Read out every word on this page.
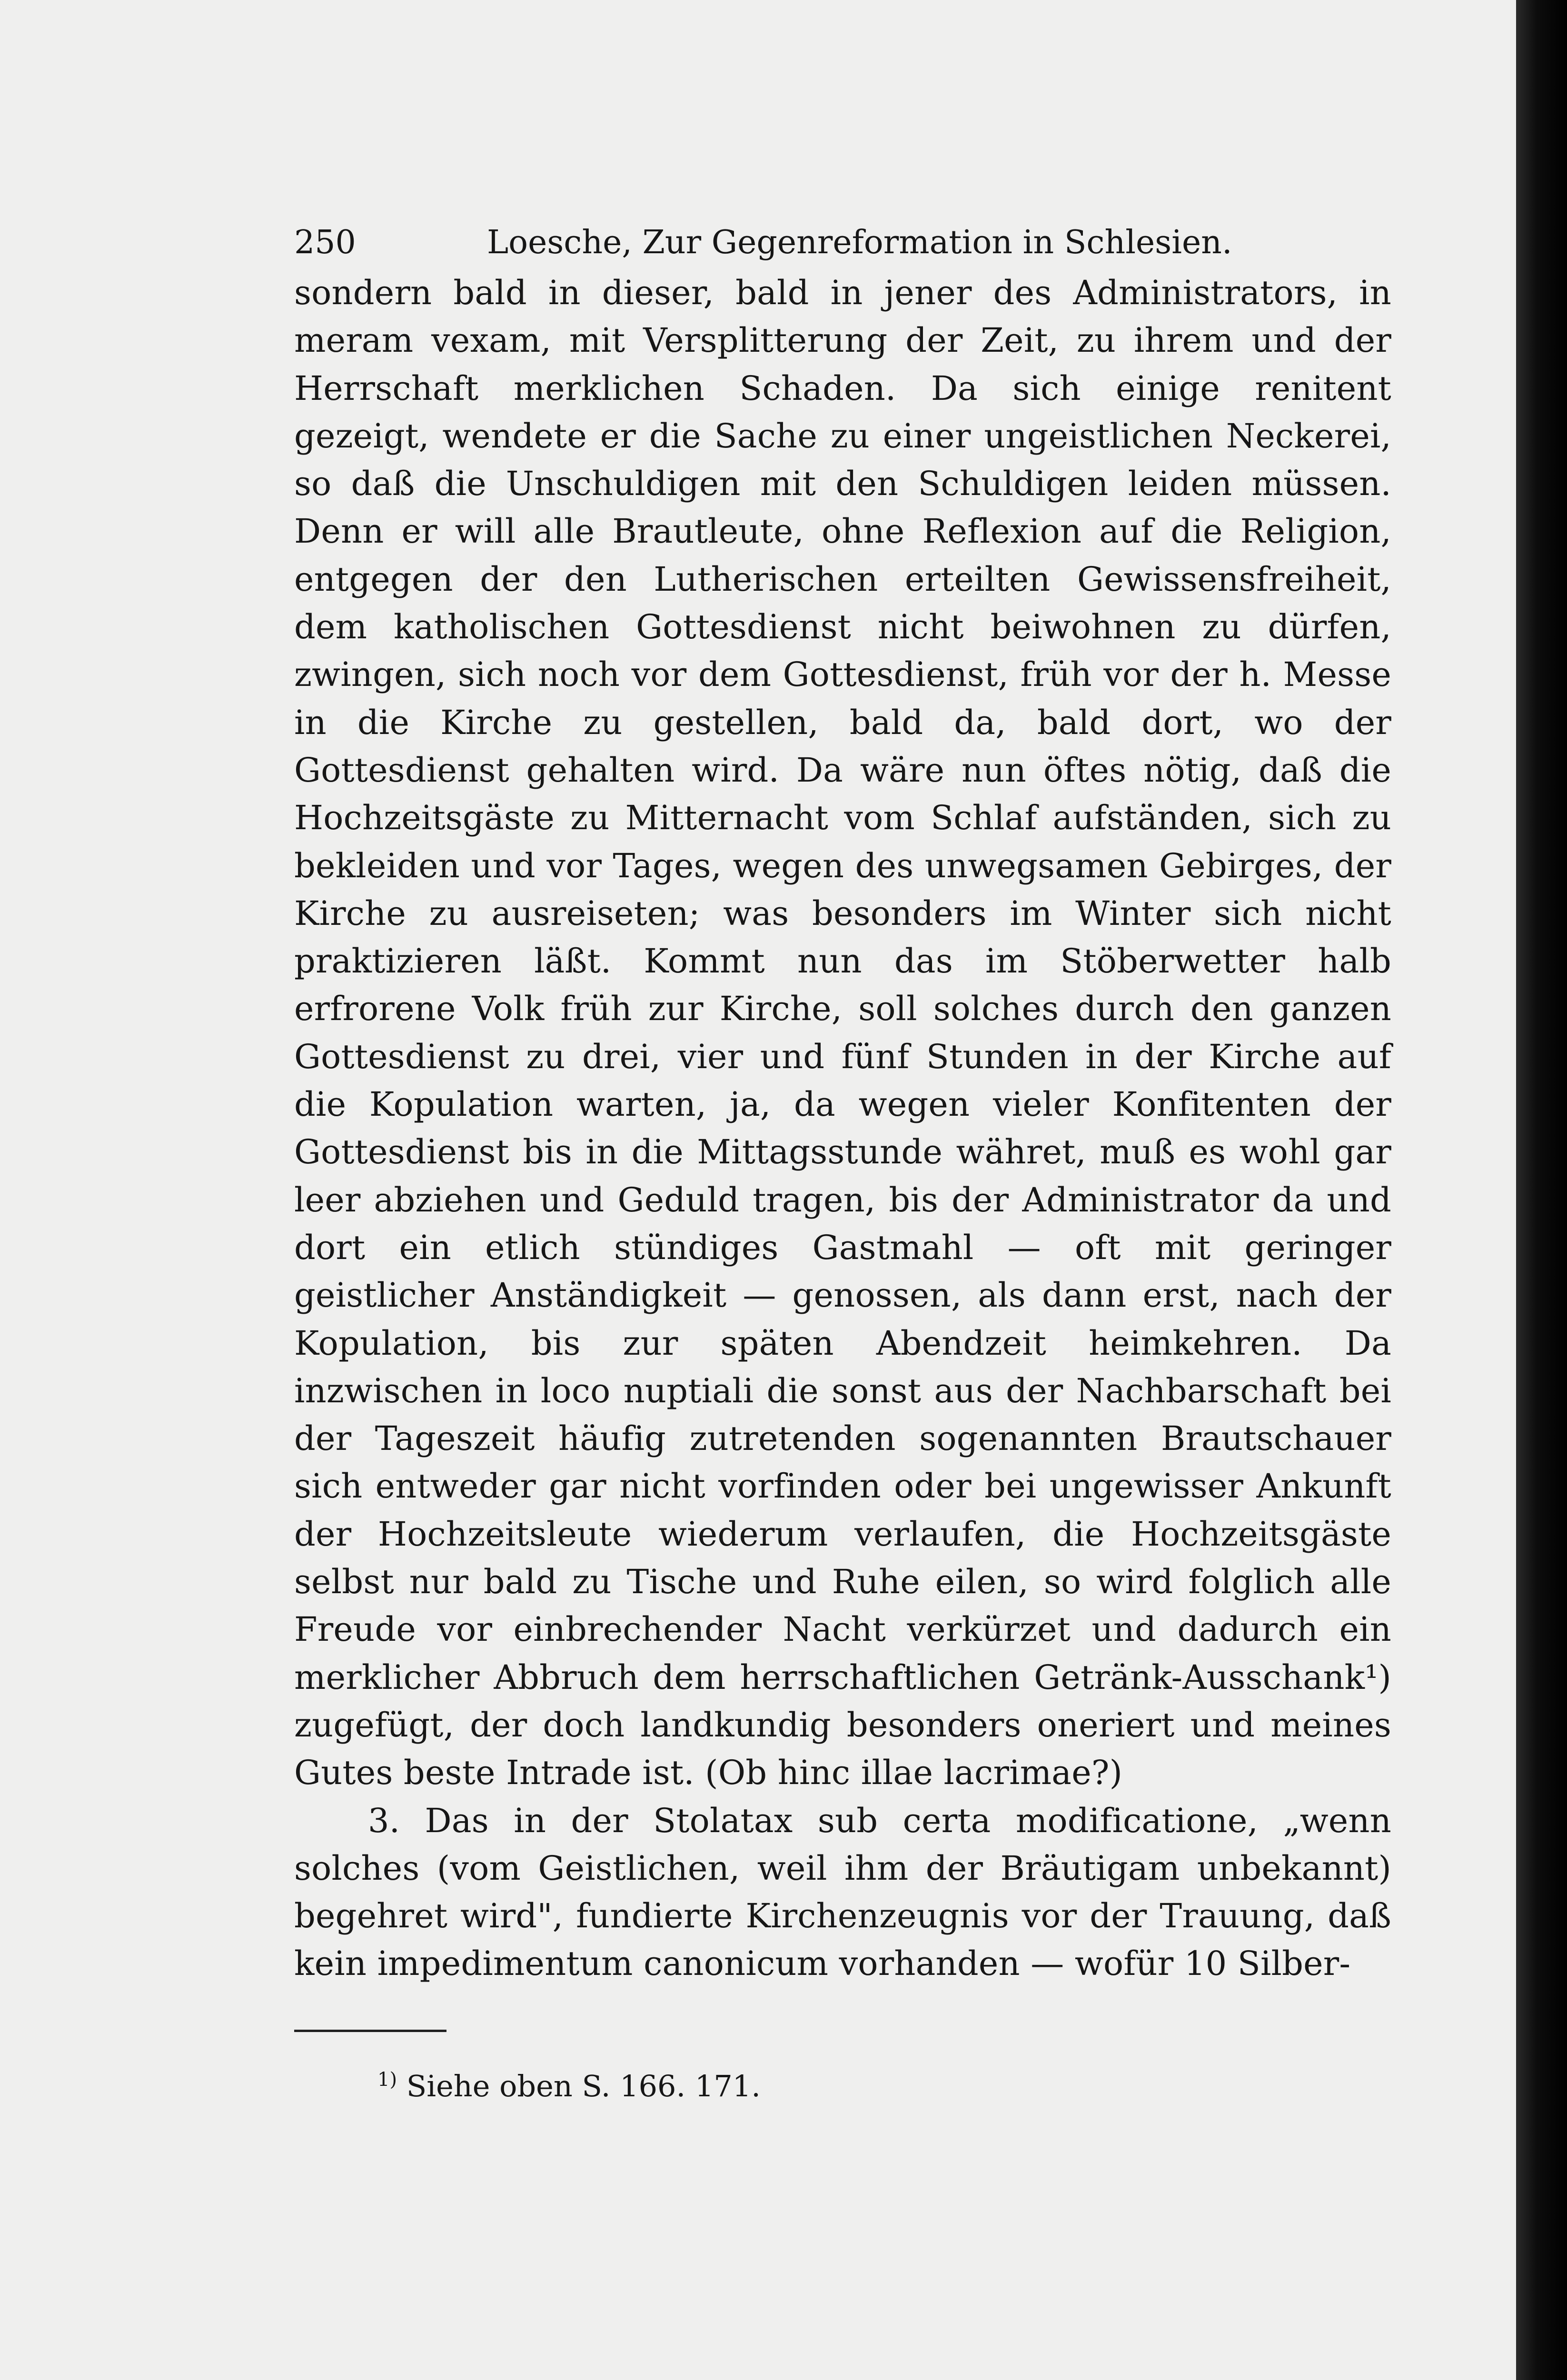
250	Loesche, Zur Gegenreformation in Schlesien.

sondern bald in dieser, bald in jener des Administrators, in meram vexam, mit Versplitterung der Zeit, zu ihrem und der Herrschaft merklichen Schaden. Da sich einige renitent gezeigt, wendete er die Sache zu einer ungeistlichen Neckerei, so daß die Unschuldigen mit den Schuldigen leiden müssen. Denn er will alle Brautleute, ohne Reflexion auf die Religion, entgegen der den Lutherischen erteilten Gewissensfreiheit, dem katholischen Gottesdienst nicht beiwohnen zu dürfen, zwingen, sich noch vor dem Gottesdienst, früh vor der h. Messe in die Kirche zu gestellen, bald da, bald dort, wo der Gottesdienst gehalten wird. Da wäre nun öftes nötig, daß die Hochzeitsgäste zu Mitternacht vom Schlaf aufständen, sich zu bekleiden und vor Tages, wegen des unwegsamen Gebirges, der Kirche zu ausreiseten; was besonders im Winter sich nicht praktizieren läßt. Kommt nun das im Stöberwetter halb erfrorene Volk früh zur Kirche, soll solches durch den ganzen Gottesdienst zu drei, vier und fünf Stunden in der Kirche auf die Kopulation warten, ja, da wegen vieler Konfitenten der Gottesdienst bis in die Mittagsstunde währet, muß es wohl gar leer abziehen und Geduld tragen, bis der Administrator da und dort ein etlich stündiges Gastmahl — oft mit geringer geistlicher Anständigkeit — genossen, als dann erst, nach der Kopulation, bis zur späten Abendzeit heimkehren. Da inzwischen in loco nuptiali die sonst aus der Nachbarschaft bei der Tageszeit häufig zutretenden sogenannten Brautschauer sich entweder gar nicht vorfinden oder bei ungewisser Ankunft der Hochzeitsleute wiederum verlaufen, die Hochzeitsgäste selbst nur bald zu Tische und Ruhe eilen, so wird folglich alle Freude vor einbrechender Nacht verkürzet und dadurch ein merklicher Abbruch dem herrschaftlichen Getränk-Ausschank¹) zugefügt, der doch landkundig besonders oneriert und meines Gutes beste Intrade ist. (Ob hinc illae lacrimae?)

3. Das in der Stolatax sub certa modificatione, „wenn solches (vom Geistlichen, weil ihm der Bräutigam unbekannt) begehret wird", fundierte Kirchenzeugnis vor der Trauung, daß kein impedimentum canonicum vorhanden — wofür 10 Silber-

$^{1)}$ Siehe oben S. 166. 171.
